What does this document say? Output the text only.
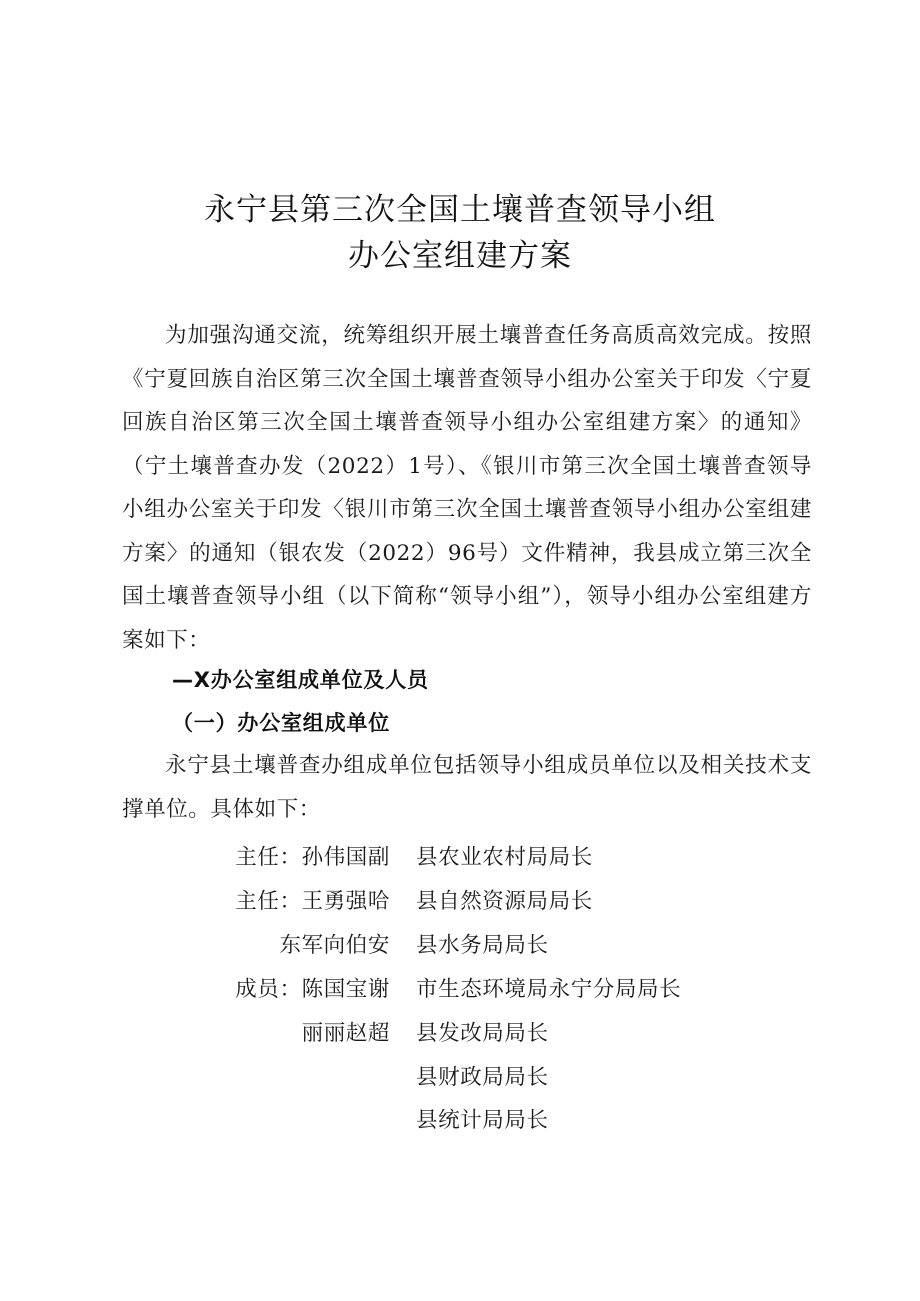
永宁县第三次全国土壤普查领导小组
办公室组建方案

为加强沟通交流，统筹组织开展土壤普查任务高质高效完成。按照《宁夏回族自治区第三次全国土壤普查领导小组办公室关于印发〈宁夏回族自治区第三次全国土壤普查领导小组办公室组建方案〉的通知》（宁土壤普查办发（2022）1号）、《银川市第三次全国土壤普查领导小组办公室关于印发〈银川市第三次全国土壤普查领导小组办公室组建方案〉的通知（银农发（2022）96号）文件精神，我县成立第三次全国土壤普查领导小组（以下简称“领导小组”），领导小组办公室组建方案如下：

—X办公室组成单位及人员
（一）办公室组成单位

永宁县土壤普查办组成单位包括领导小组成员单位以及相关技术支撑单位。具体如下：

主任：孙伟国副 县农业农村局局长
主任：王勇强哈 县自然资源局局长
东军向伯安 县水务局局长
成员：陈国宝谢 市生态环境局永宁分局局长
丽丽赵超 县发改局局长
县财政局局长
县统计局局长
